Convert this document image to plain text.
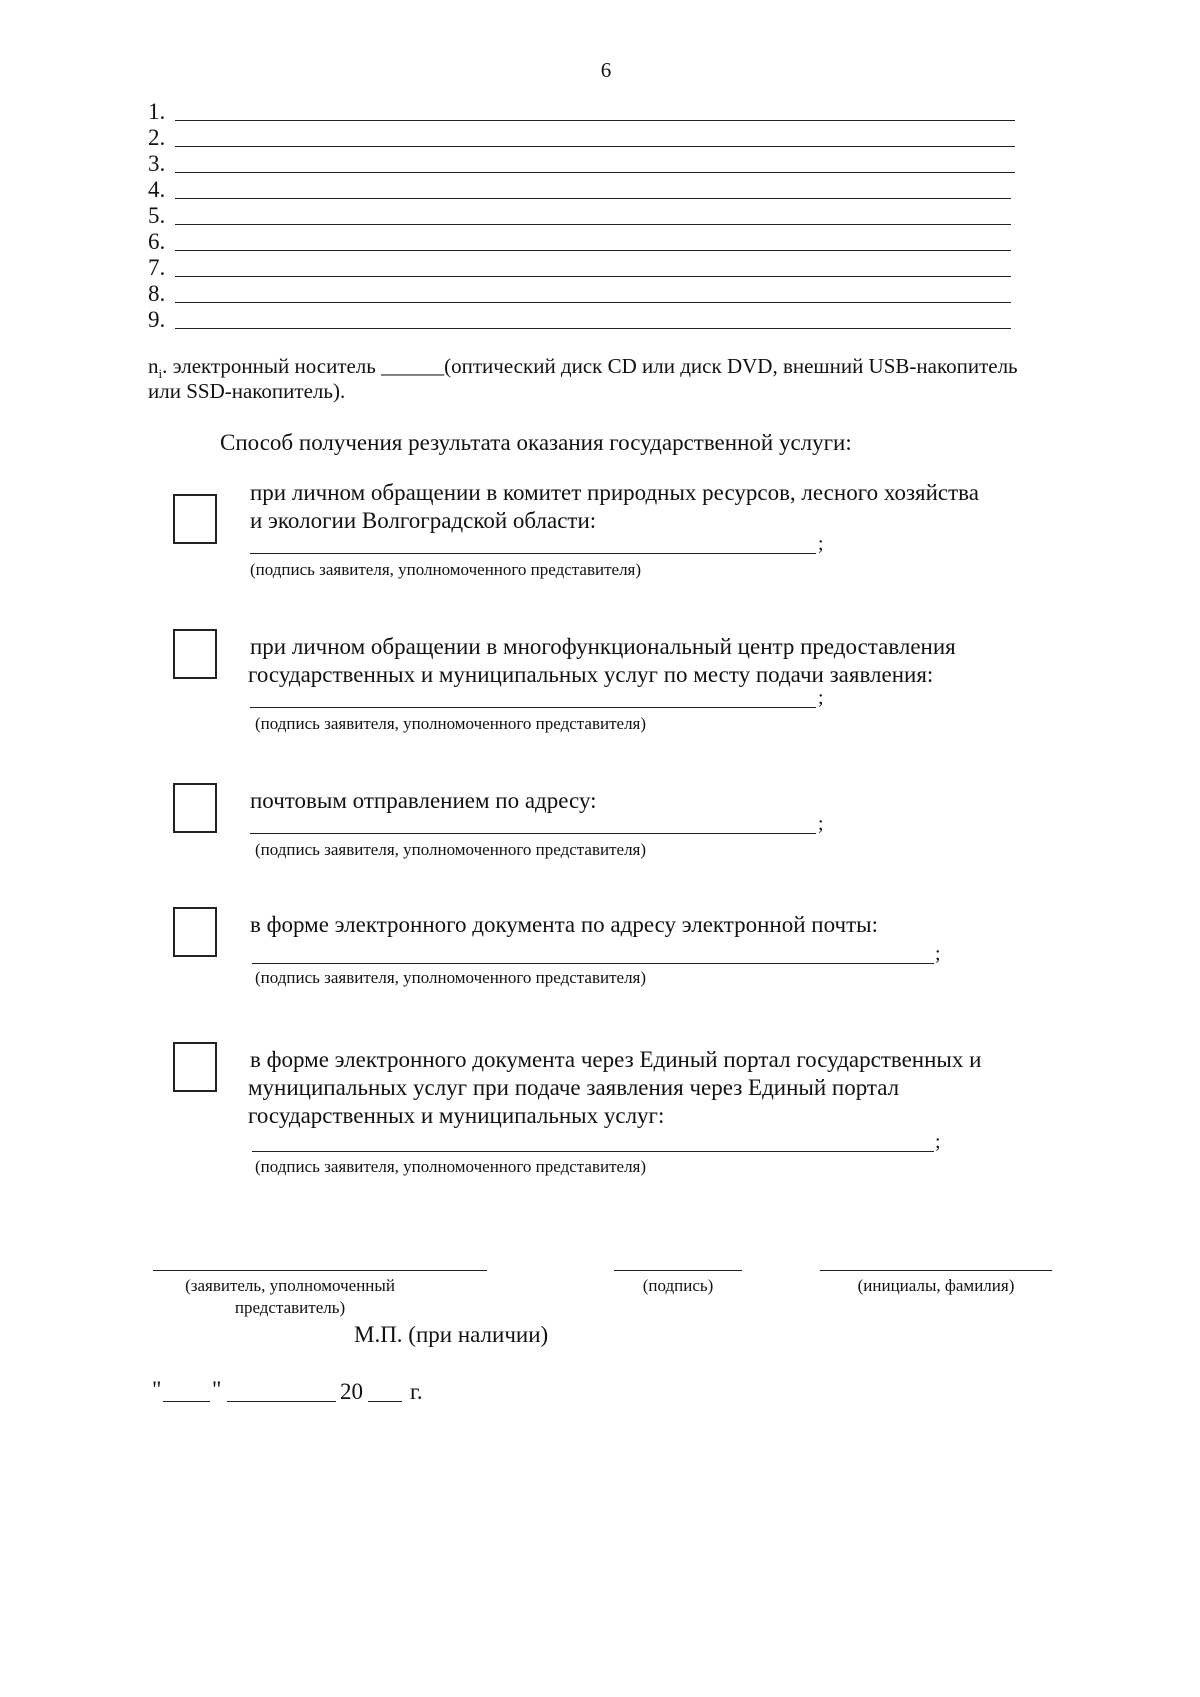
6
1.
2.
3.
4.
5.
6.
7.
8.
9.
$n_i$. электронный носитель ______(оптический диск CD или диск DVD, внешний USB-накопитель
или SSD-накопитель).
Способ получения результата оказания государственной услуги:
при личном обращении в комитет природных ресурсов, лесного хозяйства
и экологии Волгоградской области:
;
(подпись заявителя, уполномоченного представителя)
при личном обращении в многофункциональный центр предоставления
государственных и муниципальных услуг по месту подачи заявления:
;
(подпись заявителя, уполномоченного представителя)
почтовым отправлением по адресу:
;
(подпись заявителя, уполномоченного представителя)
в форме электронного документа по адресу электронной почты:
;
(подпись заявителя, уполномоченного представителя)
в форме электронного документа через Единый портал государственных и
муниципальных услуг при подаче заявления через Единый портал
государственных и муниципальных услуг:
;
(подпись заявителя, уполномоченного представителя)
(заявитель, уполномоченный
представитель)
(подпись)	(инициалы, фамилия)
М.П. (при наличии)
" "	20 г.
